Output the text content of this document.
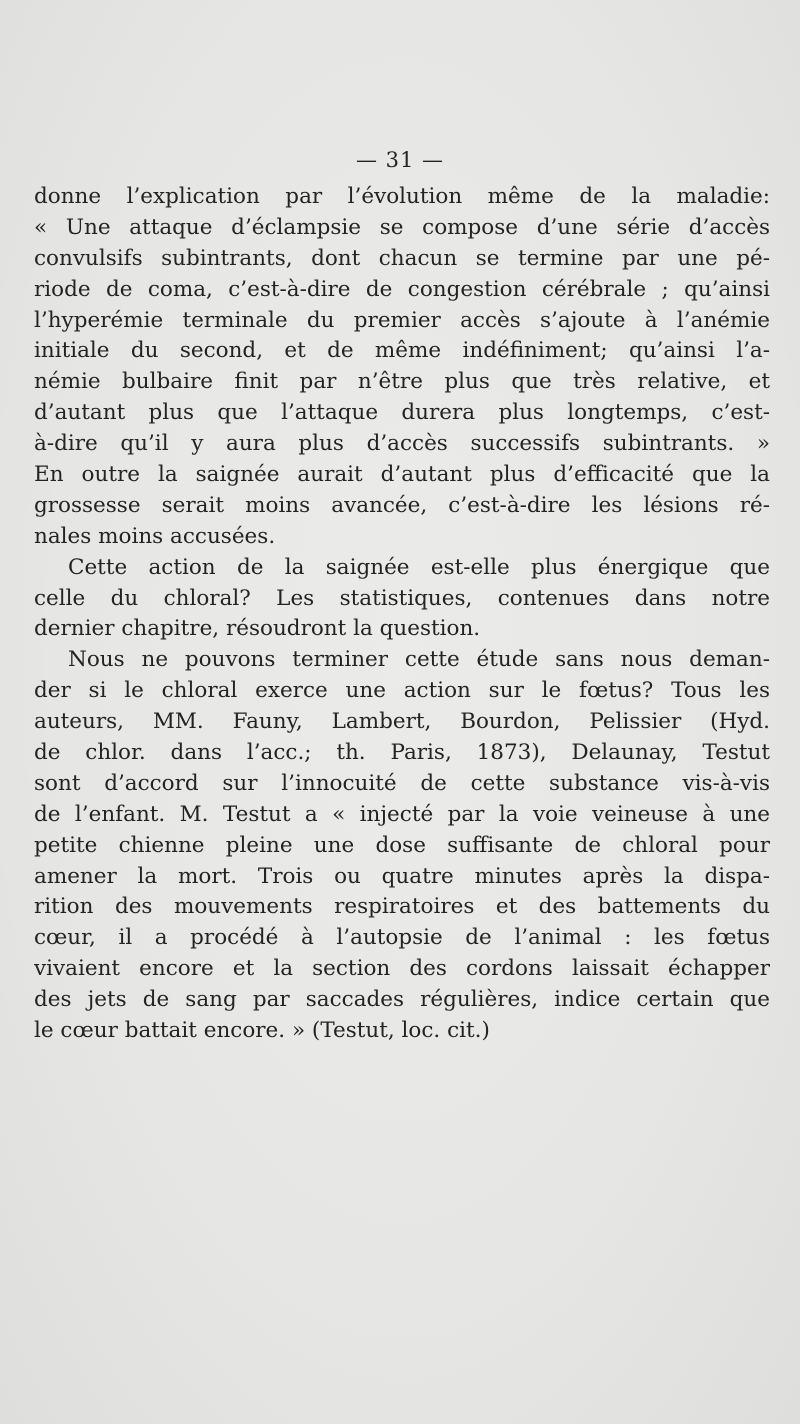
— 31 —
donne l’explication par l’évolution même de la maladie:
« Une attaque d’éclampsie se compose d’une série d’accès
convulsifs subintrants, dont chacun se termine par une pé-
riode de coma, c’est-à-dire de congestion cérébrale ; qu’ainsi
l’hyperémie terminale du premier accès s’ajoute à l’anémie
initiale du second, et de même indéfiniment; qu’ainsi l’a-
némie bulbaire finit par n’être plus que très relative, et
d’autant plus que l’attaque durera plus longtemps, c’est-
à-dire qu’il y aura plus d’accès successifs subintrants. »
En outre la saignée aurait d’autant plus d’efficacité que la
grossesse serait moins avancée, c’est-à-dire les lésions ré-
nales moins accusées.
Cette action de la saignée est-elle plus énergique que
celle du chloral? Les statistiques, contenues dans notre
dernier chapitre, résoudront la question.
Nous ne pouvons terminer cette étude sans nous deman-
der si le chloral exerce une action sur le fœtus? Tous les
auteurs, MM. Fauny, Lambert, Bourdon, Pelissier (Hyd.
de chlor. dans l’acc.; th. Paris, 1873), Delaunay, Testut
sont d’accord sur l’innocuité de cette substance vis-à-vis
de l’enfant. M. Testut a « injecté par la voie veineuse à une
petite chienne pleine une dose suffisante de chloral pour
amener la mort. Trois ou quatre minutes après la dispa-
rition des mouvements respiratoires et des battements du
cœur, il a procédé à l’autopsie de l’animal : les fœtus
vivaient encore et la section des cordons laissait échapper
des jets de sang par saccades régulières, indice certain que
le cœur battait encore. » (Testut, loc. cit.)
